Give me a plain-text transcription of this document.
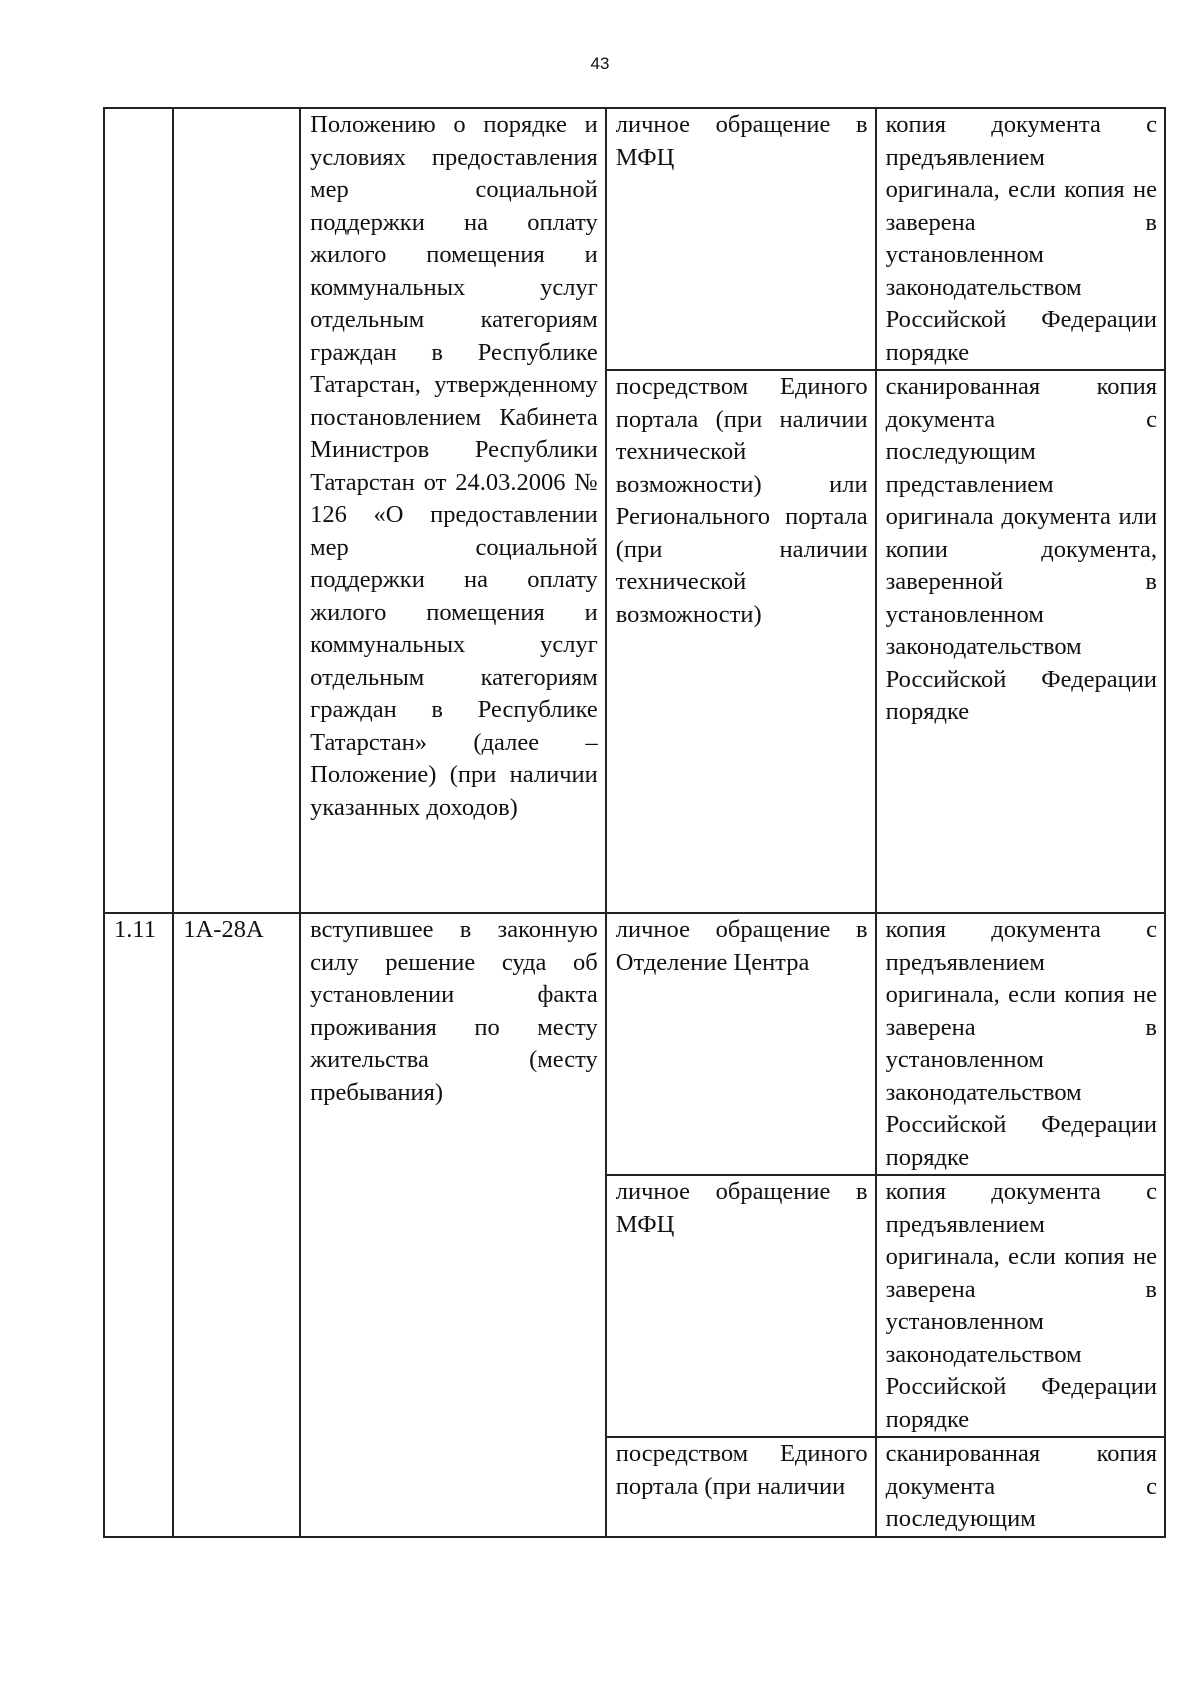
43
		Положению о порядке и условиях предоставления мер социальной поддержки на оплату жилого помещения и коммунальных услуг отдельным категориям граждан в Республике Татарстан, утвержденному постановлением Кабинета Министров Республики Татарстан от 24.03.2006 № 126 «О предоставлении мер социальной поддержки на оплату жилого помещения и коммунальных услуг отдельным категориям граждан в Республике Татарстан» (далее – Положение) (при наличии указанных доходов)	личное обращение в МФЦ	копия документа с предъявлением оригинала, если копия не заверена в установленном законодательством Российской Федерации порядке
			посредством Единого портала (при наличии технической возможности) или Регионального портала (при наличии технической возможности)	сканированная копия документа с последующим представлением оригинала документа или копии документа, заверенной в установленном законодательством Российской Федерации порядке
1.11	1А-28А	вступившее в законную силу решение суда об установлении факта проживания по месту жительства (месту пребывания)	личное обращение в Отделение Центра	копия документа с предъявлением оригинала, если копия не заверена в установленном законодательством Российской Федерации порядке
			личное обращение в МФЦ	копия документа с предъявлением оригинала, если копия не заверена в установленном законодательством Российской Федерации порядке
			посредством Единого портала (при наличии	сканированная копия документа с последующим
